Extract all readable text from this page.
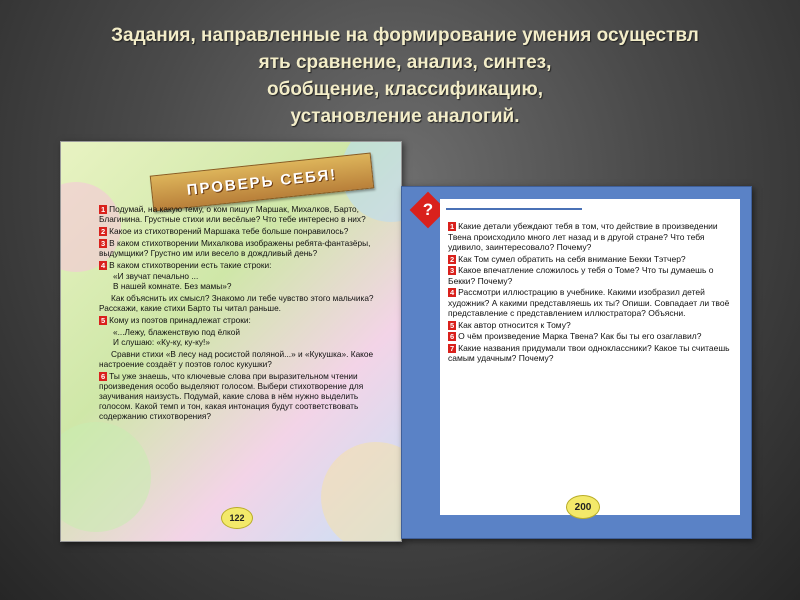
Задания, направленные на формирование умения осуществл
ять сравнение, анализ, синтез,
обобщение, классификацию,
установление аналогий.
ПРОВЕРЬ СЕБЯ!

1 Подумай, на какую тему, о ком пишут Маршак, Михалков, Барто, Благинина. Грустные стихи или весёлые? Что тебе интересно в них?

2 Какое из стихотворений Маршака тебе больше понравилось?

3 В каком стихотворении Михалкова изображены ребята-фантазёры, выдумщики? Грустно им или весело в дождливый день?

4 В каком стихотворении есть такие строки:

«И звучат печально ...

В нашей комнате. Без мамы»?

Как объяснить их смысл? Знакомо ли тебе чувство этого мальчика? Расскажи, какие стихи Барто ты читал раньше.

5 Кому из поэтов принадлежат строки:

«...Лежу, блаженствую под ёлкой

И слушаю: «Ку-ку, ку-ку!»

Сравни стихи «В лесу над росистой поляной...» и «Кукушка». Какое настроение создаёт у поэтов голос кукушки?

6 Ты уже знаешь, что ключевые слова при выразительном чтении произведения особо выделяют голосом. Выбери стихотворение для заучивания наизусть. Подумай, какие слова в нём нужно выделить голосом. Какой темп и тон, какая интонация будут соответствовать содержанию стихотворения?

122
?

1 Какие детали убеждают тебя в том, что действие в произведении Твена происходило много лет назад и в другой стране? Что тебя удивило, заинтересовало? Почему?

2 Как Том сумел обратить на себя внимание Бекки Тэтчер?

3 Какое впечатление сложилось у тебя о Томе? Что ты думаешь о Бекки? Почему?

4 Рассмотри иллюстрацию в учебнике. Какими изобразил детей художник? А какими представляешь их ты? Опиши. Совпадает ли твоё представление с представлением иллюстратора? Объясни.

5 Как автор относится к Тому?

6 О чём произведение Марка Твена? Как бы ты его озаглавил?

7 Какие названия придумали твои одноклассники? Какое ты считаешь самым удачным? Почему?

200
